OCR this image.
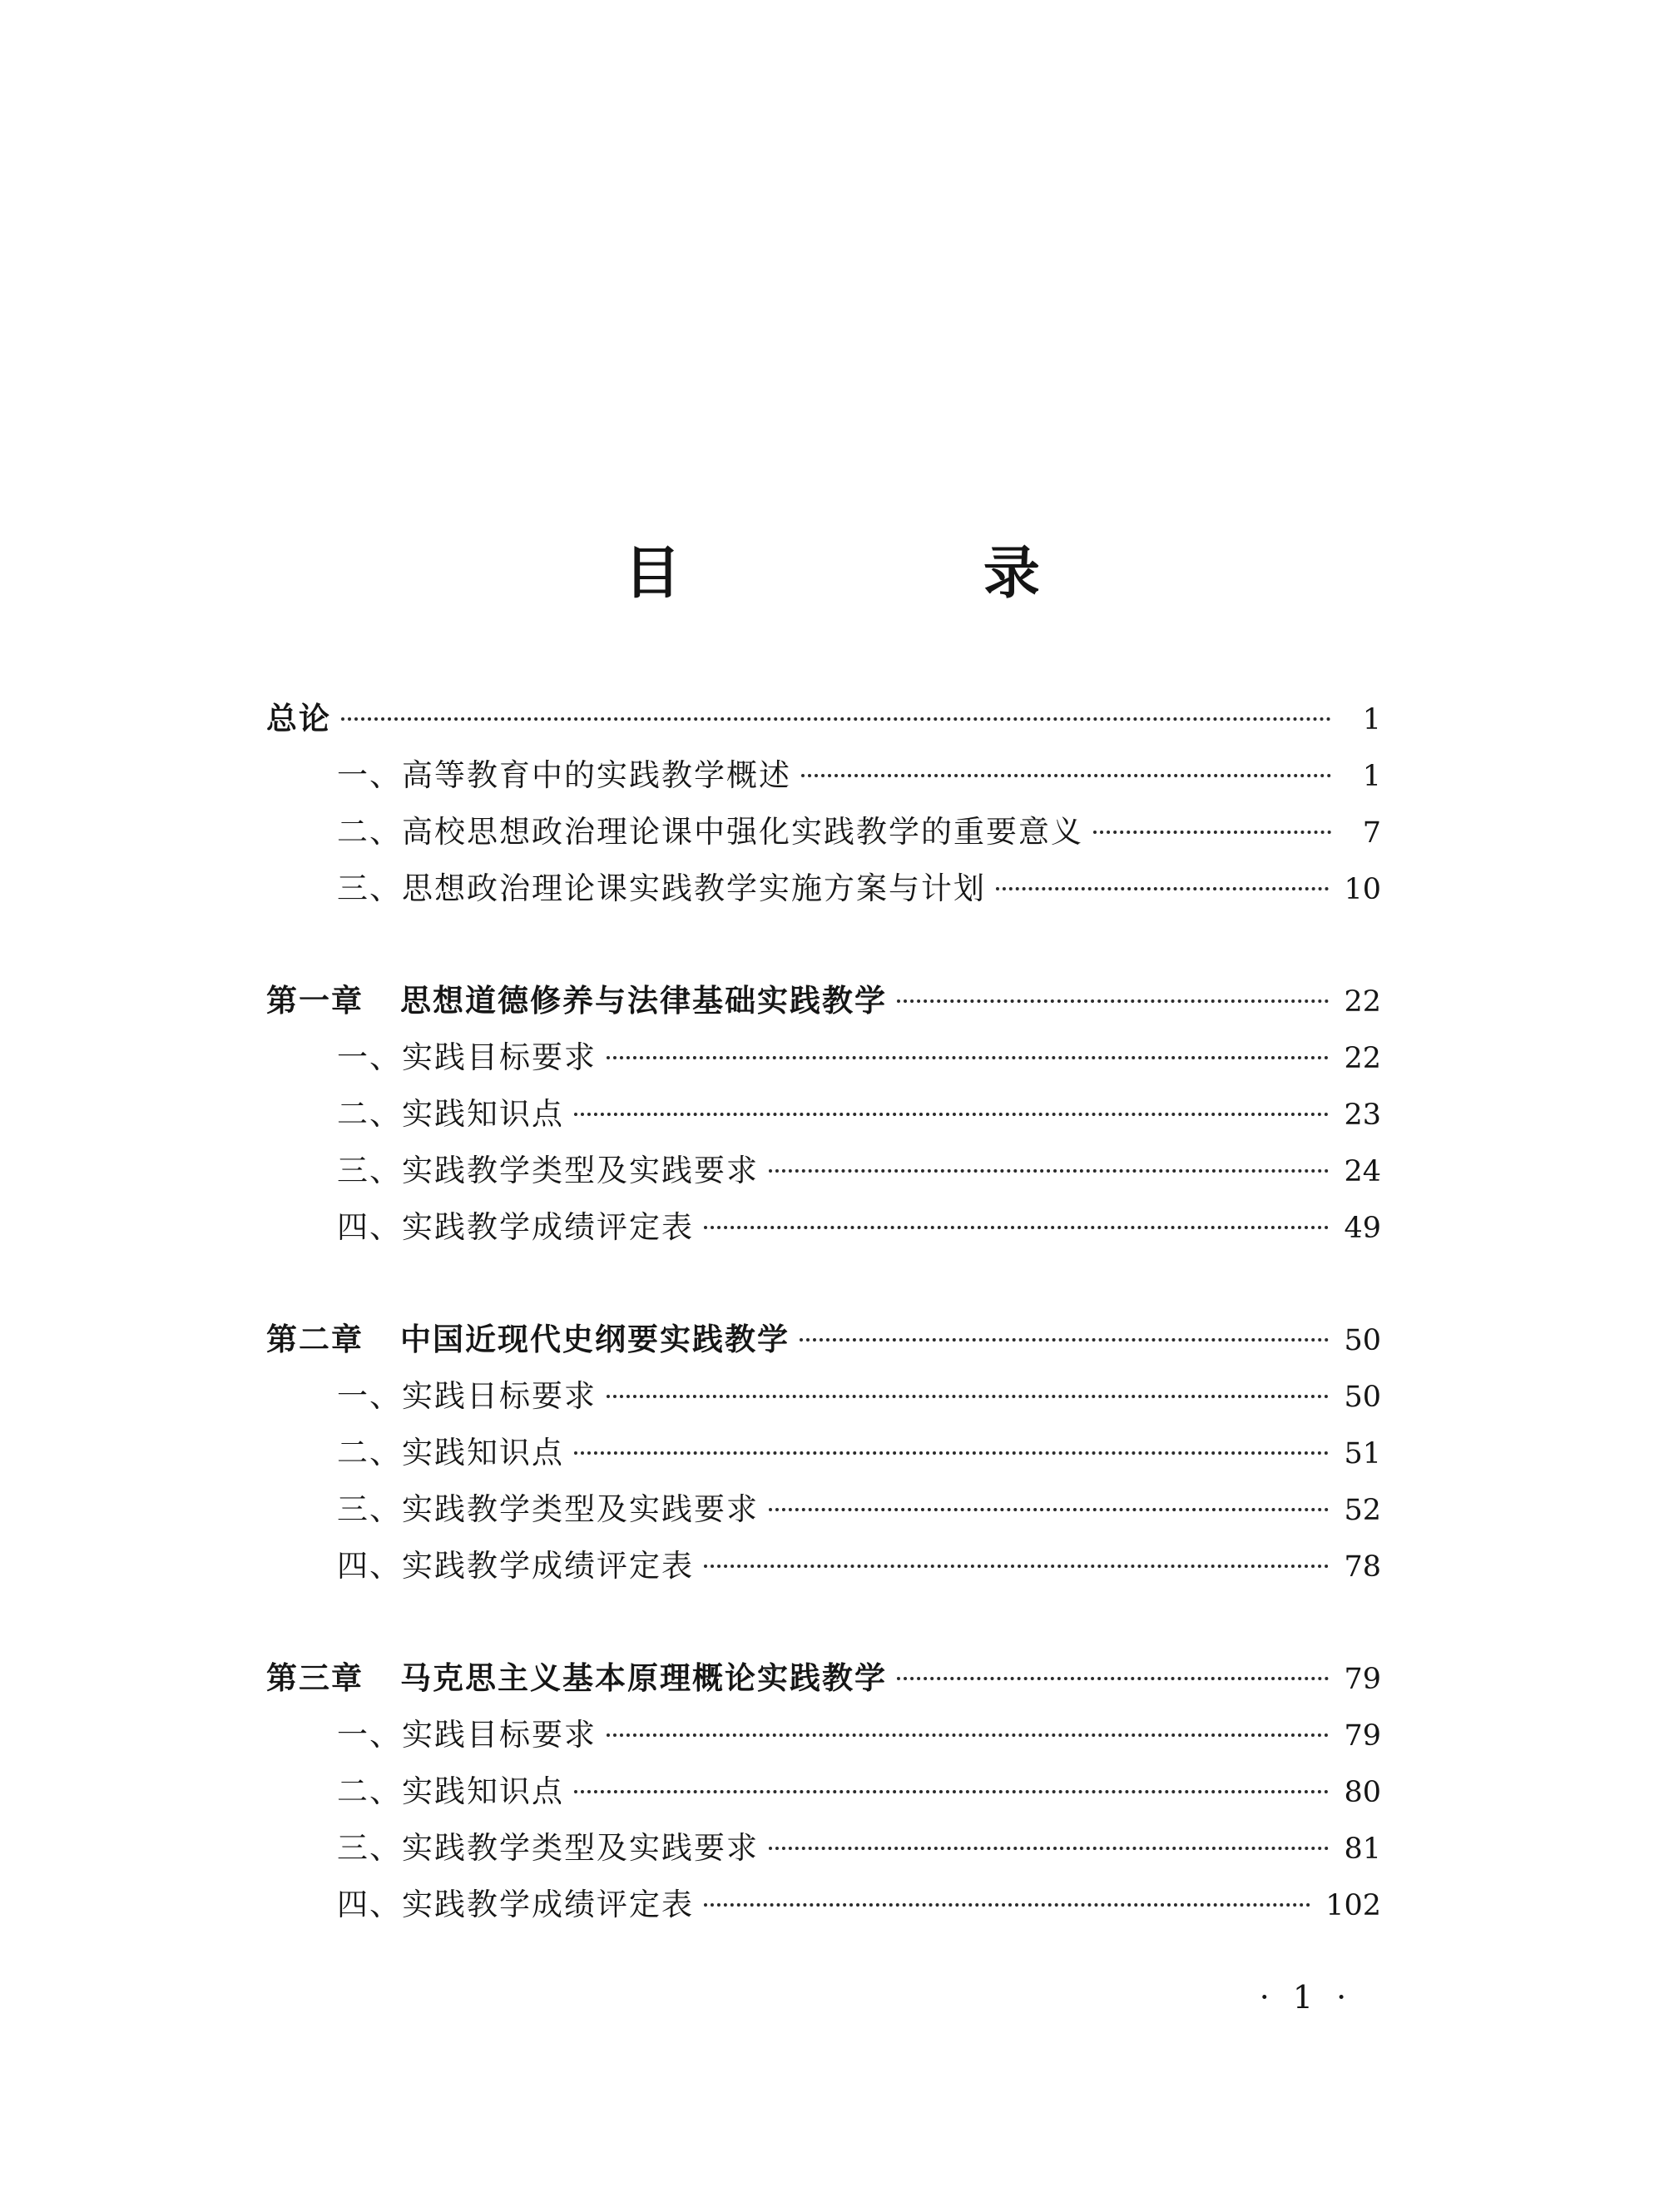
目 录
总论	1
一、高等教育中的实践教学概述	1
二、高校思想政治理论课中强化实践教学的重要意义	7
三、思想政治理论课实践教学实施方案与计划	10
第一章 思想道德修养与法律基础实践教学	22
一、实践目标要求	22
二、实践知识点	23
三、实践教学类型及实践要求	24
四、实践教学成绩评定表	49
第二章 中国近现代史纲要实践教学	50
一、实践日标要求	50
二、实践知识点	51
三、实践教学类型及实践要求	52
四、实践教学成绩评定表	78
第三章 马克思主义基本原理概论实践教学	79
一、实践目标要求	79
二、实践知识点	80
三、实践教学类型及实践要求	81
四、实践教学成绩评定表	102
· 1 ·
